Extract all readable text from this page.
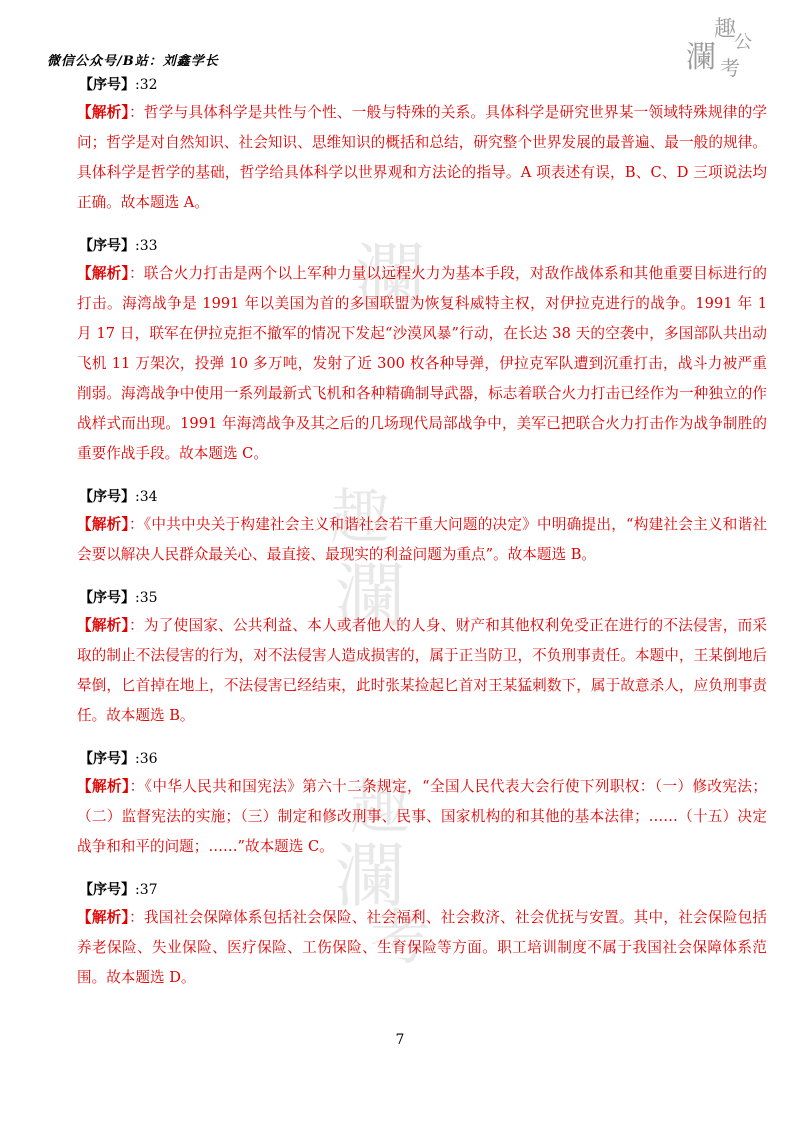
微信公众号/B站：刘鑫学长
趣
瀾 公
考
瀾
趣
瀾
趣
瀾
考
【序号】:32
【解析】：哲学与具体科学是共性与个性、一般与特殊的关系。具体科学是研究世界某一领域特殊规律的学问；哲学是对自然知识、社会知识、思维知识的概括和总结，研究整个世界发展的最普遍、最一般的规律。具体科学是哲学的基础，哲学给具体科学以世界观和方法论的指导。A 项表述有误，B、C、D 三项说法均正确。故本题选 A。
【序号】:33
【解析】：联合火力打击是两个以上军种力量以远程火力为基本手段，对敌作战体系和其他重要目标进行的打击。海湾战争是 1991 年以美国为首的多国联盟为恢复科威特主权，对伊拉克进行的战争。1991 年 1 月 17 日，联军在伊拉克拒不撤军的情况下发起“沙漠风暴”行动，在长达 38 天的空袭中，多国部队共出动飞机 11 万架次，投弹 10 多万吨，发射了近 300 枚各种导弹，伊拉克军队遭到沉重打击，战斗力被严重削弱。海湾战争中使用一系列最新式飞机和各种精确制导武器，标志着联合火力打击已经作为一种独立的作战样式而出现。1991 年海湾战争及其之后的几场现代局部战争中，美军已把联合火力打击作为战争制胜的重要作战手段。故本题选 C。
【序号】:34
【解析】：《中共中央关于构建社会主义和谐社会若干重大问题的决定》中明确提出，“构建社会主义和谐社会要以解决人民群众最关心、最直接、最现实的利益问题为重点”。故本题选 B。
【序号】:35
【解析】：为了使国家、公共利益、本人或者他人的人身、财产和其他权利免受正在进行的不法侵害，而采取的制止不法侵害的行为，对不法侵害人造成损害的，属于正当防卫，不负刑事责任。本题中，王某倒地后晕倒，匕首掉在地上，不法侵害已经结束，此时张某捡起匕首对王某猛刺数下，属于故意杀人，应负刑事责任。故本题选 B。
【序号】:36
【解析】：《中华人民共和国宪法》第六十二条规定，“全国人民代表大会行使下列职权：（一）修改宪法；（二）监督宪法的实施；（三）制定和修改刑事、民事、国家机构的和其他的基本法律；……（十五）决定战争和和平的问题；……”故本题选 C。
【序号】:37
【解析】：我国社会保障体系包括社会保险、社会福利、社会救济、社会优抚与安置。其中，社会保险包括养老保险、失业保险、医疗保险、工伤保险、生育保险等方面。职工培训制度不属于我国社会保障体系范围。故本题选 D。
7
